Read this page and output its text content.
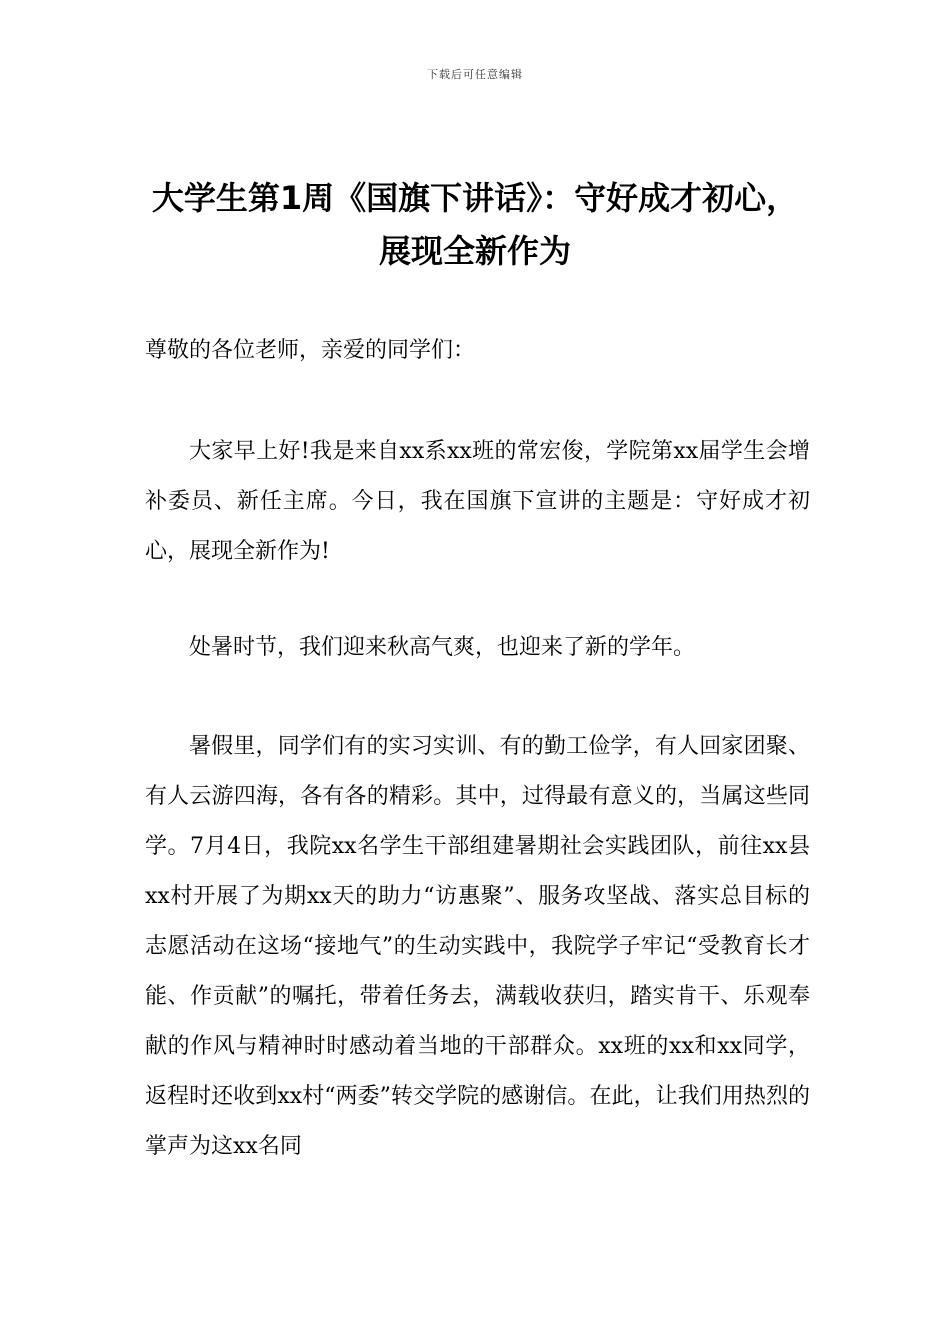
下载后可任意编辑
大学生第1周《国旗下讲话》：守好成才初心，展现全新作为

尊敬的各位老师，亲爱的同学们：

大家早上好!我是来自xx系xx班的常宏俊，学院第xx届学生会增补委员、新任主席。今日，我在国旗下宣讲的主题是：守好成才初心，展现全新作为!

处暑时节，我们迎来秋高气爽，也迎来了新的学年。

暑假里，同学们有的实习实训、有的勤工俭学，有人回家团聚、有人云游四海，各有各的精彩。其中，过得最有意义的，当属这些同学。7月4日，我院xx名学生干部组建暑期社会实践团队，前往xx县xx村开展了为期xx天的助力“访惠聚”、服务攻坚战、落实总目标的志愿活动在这场“接地气”的生动实践中，我院学子牢记“受教育长才能、作贡献”的嘱托，带着任务去，满载收获归，踏实肯干、乐观奉献的作风与精神时时感动着当地的干部群众。xx班的xx和xx同学，返程时还收到xx村“两委”转交学院的感谢信。在此，让我们用热烈的掌声为这xx名同
